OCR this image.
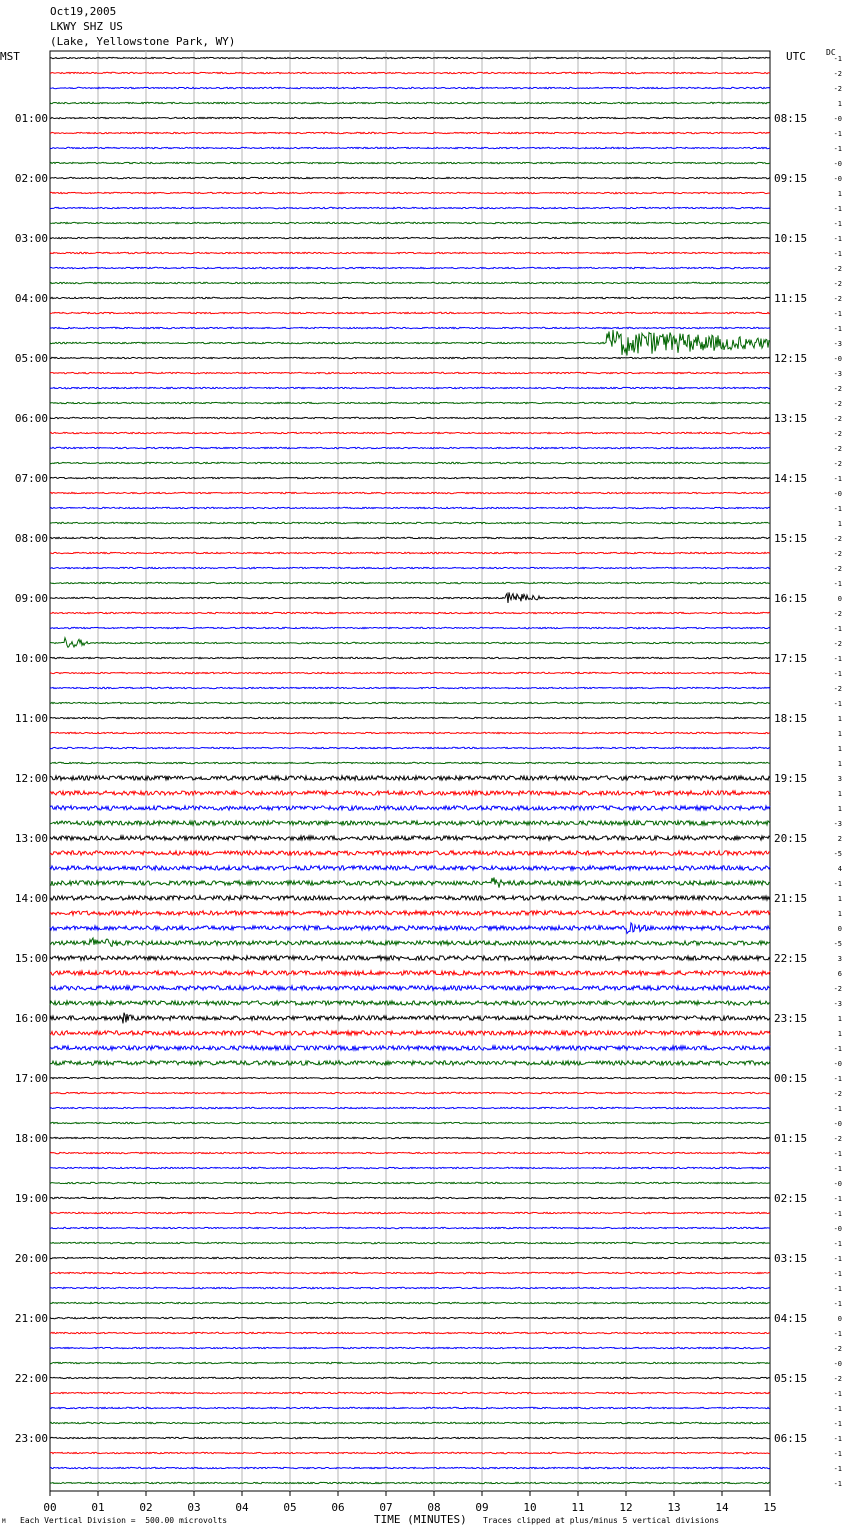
Oct19,2005
LKWY SHZ US
(Lake, Yellowstone Park, WY)
MST	UTC	DC
00	01	02	03	04	05	06	07	08	09	10	11	12	13	14	15
-1
-2
-2
1
-0
-1
-1
-0
-0
1
-1
-1
-1
-1
-2
-2
-2
-1
-1
-3
-0
-3
-2
-2
-2
-2
-2
-2
-1
-0
-1
1
-2
-2
-2
-1
0
-2
-1
-2
-1
-1
-2
-1
1
1
1
1
3
1
1
-3
2
-5
4
-1
1
1
0
-5
3
6
-2
-3
1
1
-1
-0
-1
-2
-1
-0
-2
-1
-1
-0
-1
-1
-0
-1
-1
-1
-1
-1
0
-1
-2
-0
-2
-1
-1
-1
-1
-1
-1
-1
01:00
02:00
03:00
04:00
05:00
06:00
07:00
08:00
09:00
10:00
11:00
12:00
13:00
14:00
15:00
16:00
17:00
18:00
19:00
20:00
21:00
22:00
23:00
08:15
09:15
10:15
11:15
12:15
13:15
14:15
15:15
16:15
17:15
18:15
19:15
20:15
21:15
22:15
23:15
00:15
01:15
02:15
03:15
04:15
05:15
06:15
M Each Vertical Division =  500.00 microvolts	TIME (MINUTES) Traces clipped at plus/minus 5 vertical divisions
